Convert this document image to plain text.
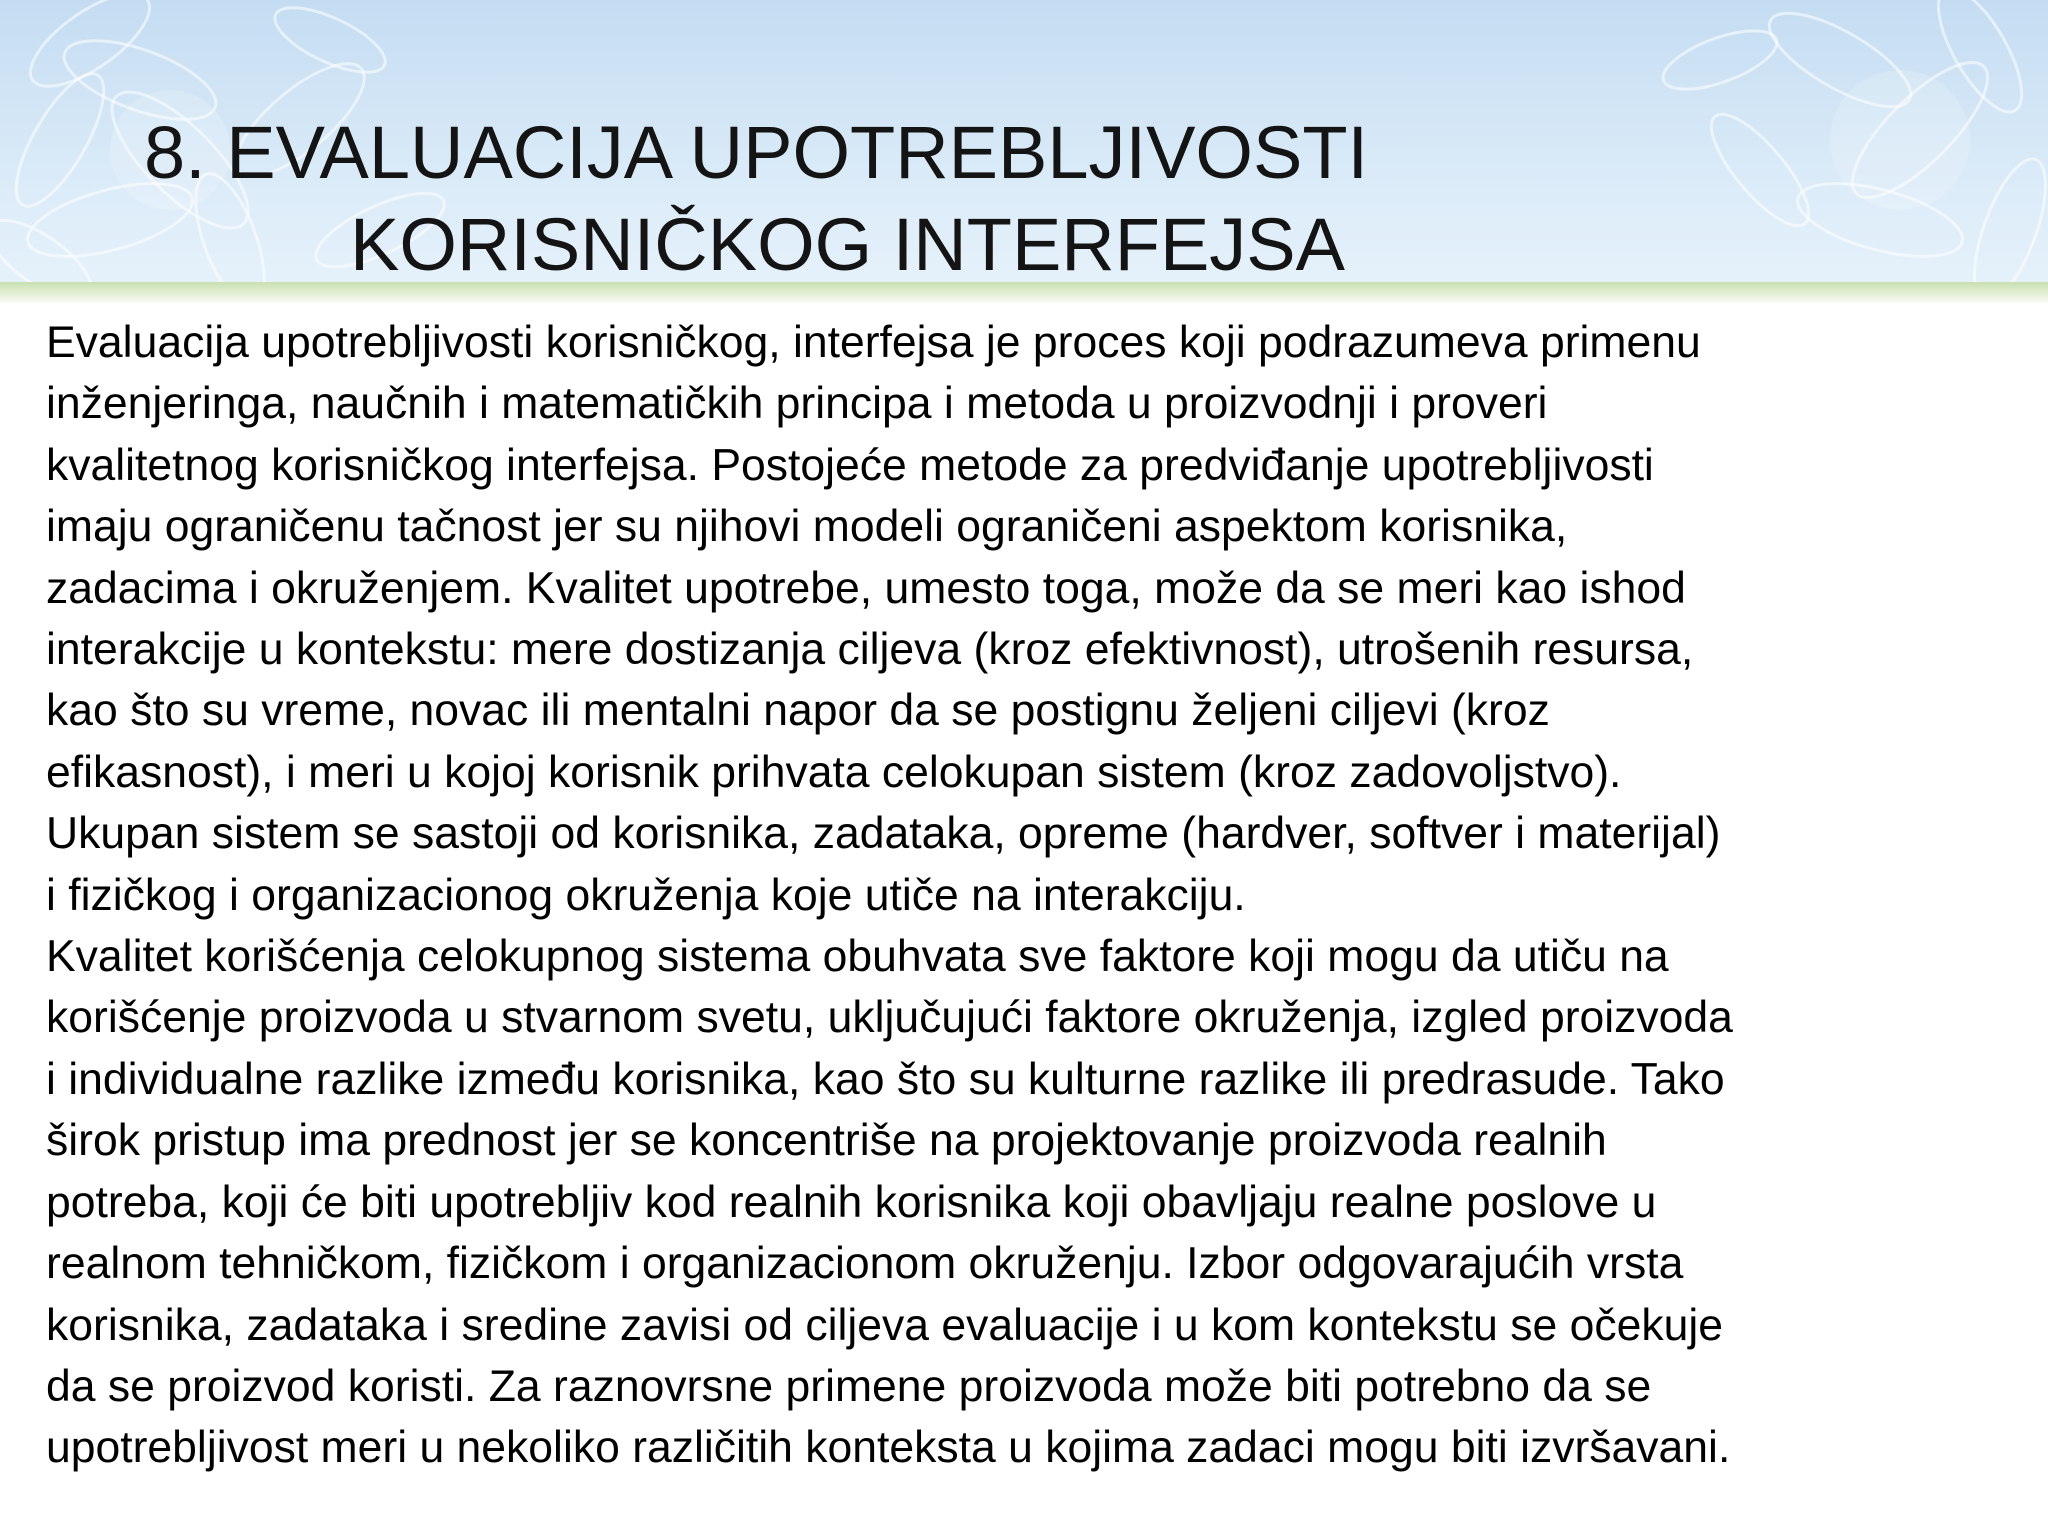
8. EVALUACIJA UPOTREBLJIVOSTI
KORISNIČKOG INTERFEJSA
Evaluacija upotrebljivosti korisničkog, interfejsa je proces koji podrazumeva primenu
inženjeringa, naučnih i matematičkih principa i metoda u proizvodnji i proveri
kvalitetnog korisničkog interfejsa. Postojeće metode za predviđanje upotrebljivosti
imaju ograničenu tačnost jer su njihovi modeli ograničeni aspektom korisnika,
zadacima i okruženjem. Kvalitet upotrebe, umesto toga, može da se meri kao ishod
interakcije u kontekstu: mere dostizanja ciljeva (kroz efektivnost), utrošenih resursa,
kao što su vreme, novac ili mentalni napor da se postignu željeni ciljevi (kroz
efikasnost), i meri u kojoj korisnik prihvata celokupan sistem (kroz zadovoljstvo).
Ukupan sistem se sastoji od korisnika, zadataka, opreme (hardver, softver i materijal)
i fizičkog i organizacionog okruženja koje utiče na interakciju.
Kvalitet korišćenja celokupnog sistema obuhvata sve faktore koji mogu da utiču na
korišćenje proizvoda u stvarnom svetu, uključujući faktore okruženja, izgled proizvoda
i individualne razlike između korisnika, kao što su kulturne razlike ili predrasude. Tako
širok pristup ima prednost jer se koncentriše na projektovanje proizvoda realnih
potreba, koji će biti upotrebljiv kod realnih korisnika koji obavljaju realne poslove u
realnom tehničkom, fizičkom i organizacionom okruženju. Izbor odgovarajućih vrsta
korisnika, zadataka i sredine zavisi od ciljeva evaluacije i u kom kontekstu se očekuje
da se proizvod koristi. Za raznovrsne primene proizvoda može biti potrebno da se
upotrebljivost meri u nekoliko različitih konteksta u kojima zadaci mogu biti izvršavani.
